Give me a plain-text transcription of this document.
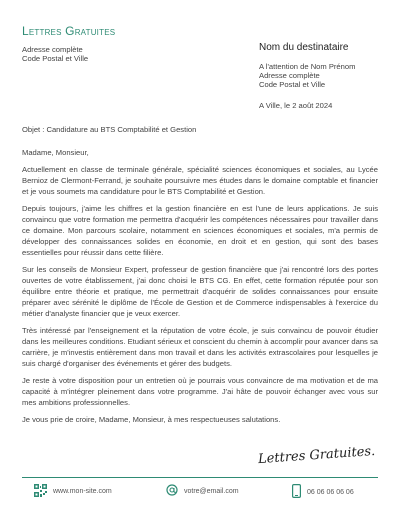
Lettres Gratuites
Adresse complète
Code Postal et Ville
Nom du destinataire
A l'attention de Nom Prénom
Adresse complète
Code Postal et Ville
A Ville, le 2 août 2024

Objet : Candidature au BTS Comptabilité et Gestion

Madame, Monsieur,

Actuellement en classe de terminale générale, spécialité sciences économiques et sociales, au Lycée Bernioz de Clermont-Ferrand, je souhaite poursuivre mes études dans le domaine comptable et financier et je vous soumets ma candidature pour le BTS Comptabilité et Gestion.

Depuis toujours, j'aime les chiffres et la gestion financière en est l'une de leurs applications. Je suis convaincu que votre formation me permettra d'acquérir les compétences nécessaires pour travailler dans ce domaine. Mon parcours scolaire, notamment en sciences économiques et sociales, m'a permis de développer des connaissances solides en économie, en droit et en gestion, qui sont des bases essentielles pour réussir dans cette filière.

Sur les conseils de Monsieur Expert, professeur de gestion financière que j'ai rencontré lors des portes ouvertes de votre établissement, j'ai donc choisi le BTS CG. En effet, cette formation réputée pour son équilibre entre théorie et pratique, me permettrait d'acquérir de solides connaissances pour ensuite préparer avec sérénité le diplôme de l'École de Gestion et de Commerce indispensables à l'exercice du métier d'analyste financier que je veux exercer.

Très intéressé par l'enseignement et la réputation de votre école, je suis convaincu de pouvoir étudier dans les meilleures conditions. Etudiant sérieux et conscient du chemin à accomplir pour avancer dans sa carrière, je m'investis entièrement dans mon travail et dans les activités extrascolaires pour lesquelles je suis chargé d'organiser des événements et gérer des budgets.

Je reste à votre disposition pour un entretien où je pourrais vous convaincre de ma motivation et de ma capacité à m'intégrer pleinement dans votre programme. J'ai hâte de pouvoir échanger avec vous sur mes ambitions professionnelles.

Je vous prie de croire, Madame, Monsieur, à mes respectueuses salutations.

Lettres Gratuites.
www.mon-site.com	votre@email.com	06 06 06 06 06
